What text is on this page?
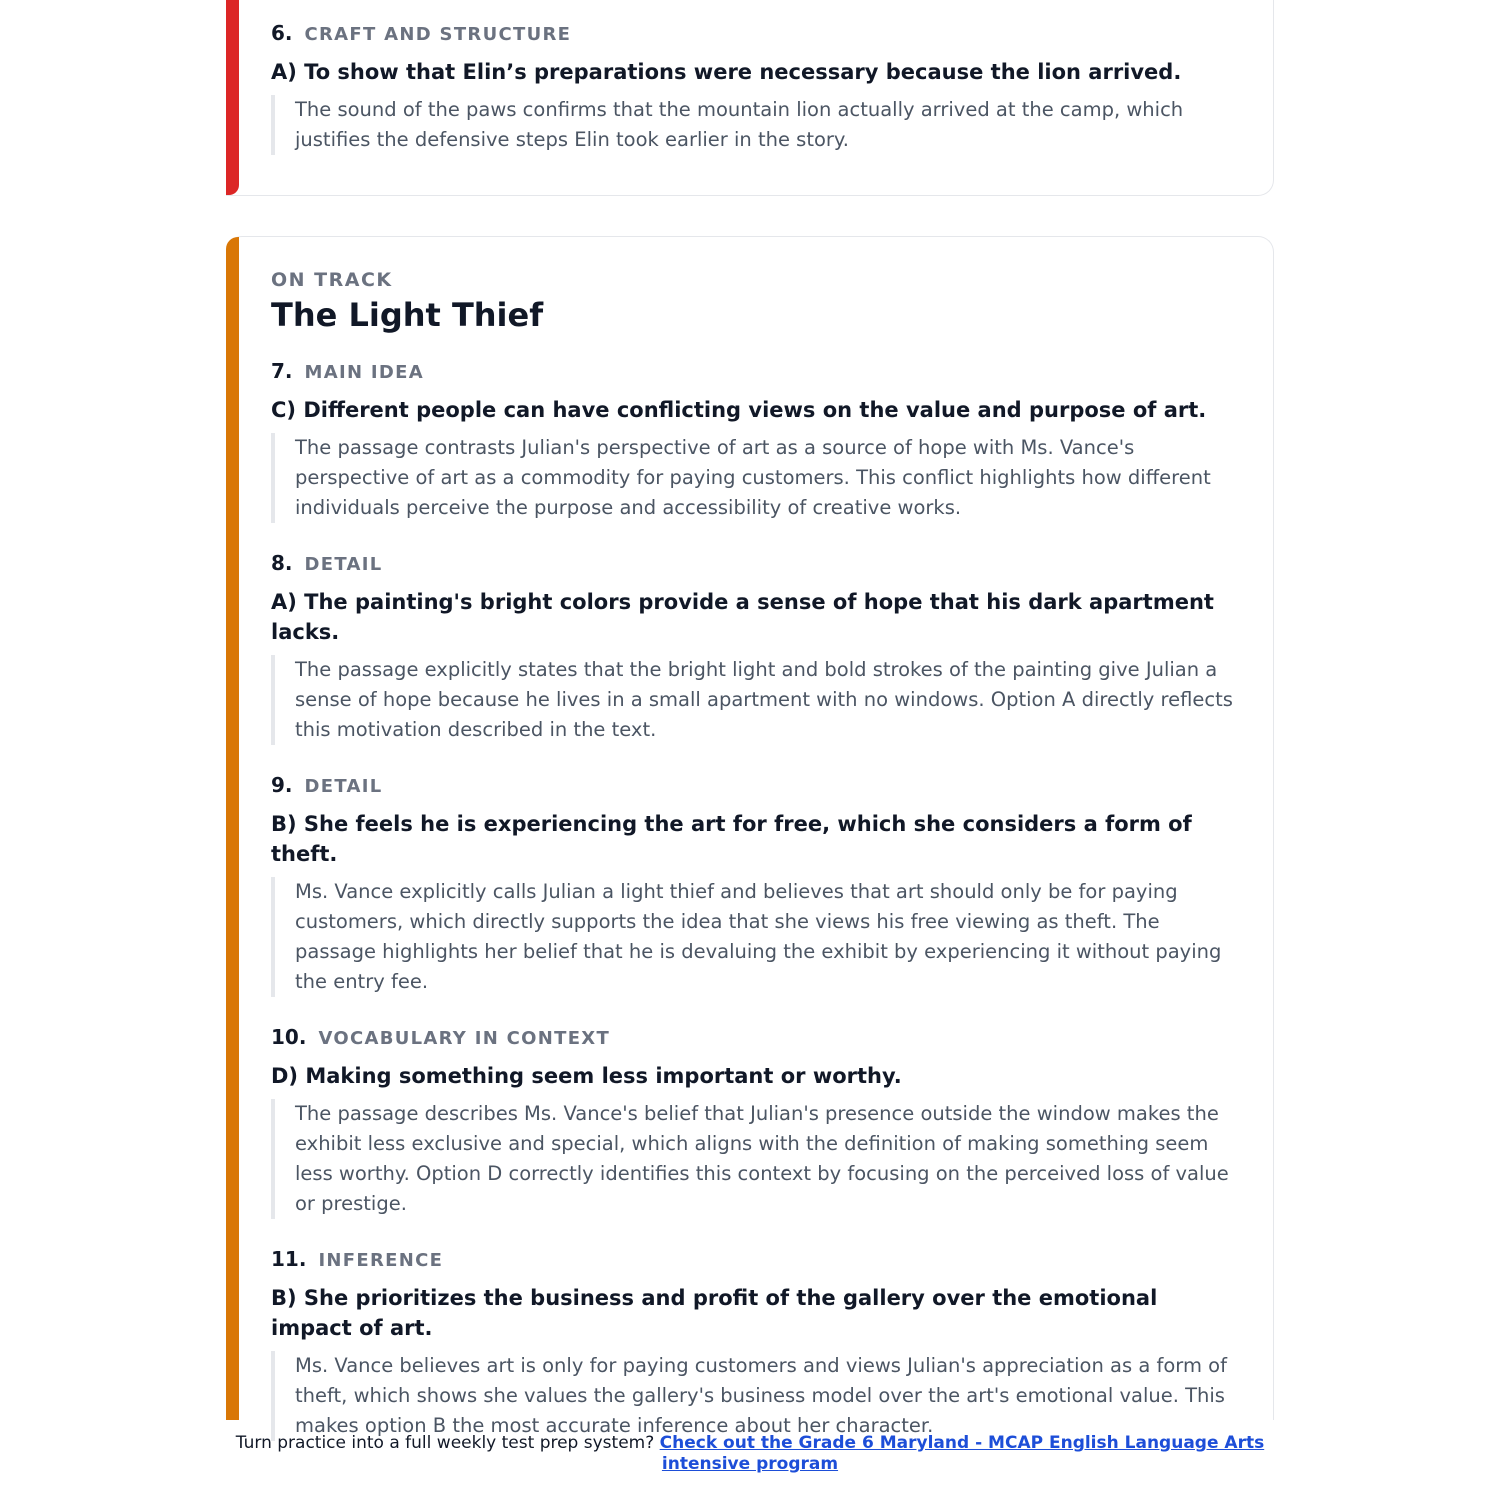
6. CRAFT AND STRUCTURE
A) To show that Elin’s preparations were necessary because the lion arrived.
The sound of the paws confirms that the mountain lion actually arrived at the camp, which justifies the defensive steps Elin took earlier in the story.
ON TRACK
The Light Thief
7. MAIN IDEA
C) Different people can have conflicting views on the value and purpose of art.
The passage contrasts Julian's perspective of art as a source of hope with Ms. Vance's perspective of art as a commodity for paying customers. This conflict highlights how different individuals perceive the purpose and accessibility of creative works.
8. DETAIL
A) The painting's bright colors provide a sense of hope that his dark apartment lacks.
The passage explicitly states that the bright light and bold strokes of the painting give Julian a sense of hope because he lives in a small apartment with no windows. Option A directly reflects this motivation described in the text.
9. DETAIL
B) She feels he is experiencing the art for free, which she considers a form of theft.
Ms. Vance explicitly calls Julian a light thief and believes that art should only be for paying customers, which directly supports the idea that she views his free viewing as theft. The passage highlights her belief that he is devaluing the exhibit by experiencing it without paying the entry fee.
10. VOCABULARY IN CONTEXT
D) Making something seem less important or worthy.
The passage describes Ms. Vance's belief that Julian's presence outside the window makes the exhibit less exclusive and special, which aligns with the definition of making something seem less worthy. Option D correctly identifies this context by focusing on the perceived loss of value or prestige.
11. INFERENCE
B) She prioritizes the business and profit of the gallery over the emotional impact of art.
Ms. Vance believes art is only for paying customers and views Julian's appreciation as a form of theft, which shows she values the gallery's business model over the art's emotional value. This makes option B the most accurate inference about her character.
Turn practice into a full weekly test prep system? Check out the Grade 6 Maryland - MCAP English Language Arts intensive program
